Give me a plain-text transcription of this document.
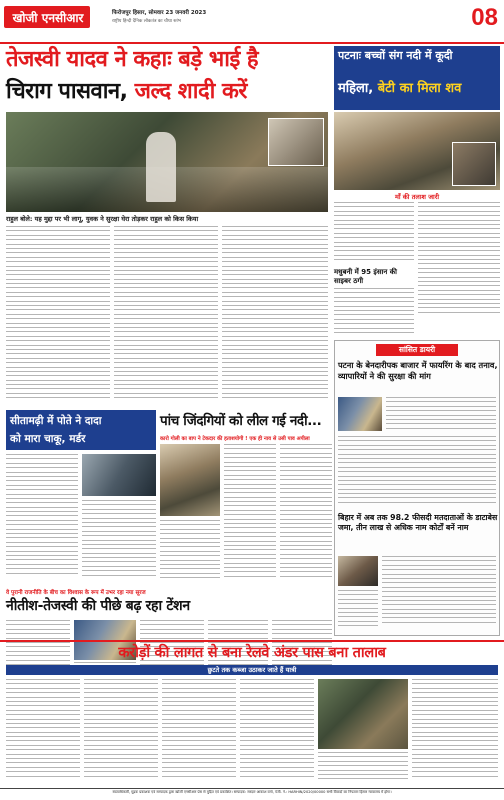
खोजी एनसीआर	फिरोजपुर हिसार, सोमवार 23 जनवरी 2023
राष्ट्रीय हिन्दी दैनिक लोकतंत्र का चौथा स्तंभ	08
तेजस्वी यादव ने कहाः बड़े भाई है
चिराग पासवान, जल्द शादी करें
राहुल बोले: यह मुद्दा पर भी लागू, युवक ने सुरक्षा घेरा तोड़कर राहुल को किस किया
पटनाः बच्चों संग नदी में कूदी
महिला, बेटी का मिला शव
माँ की तलाश जारी
मधुबनी में 95 इंसान की साइबर ठगी
सांसित डायरी
पटना के बेनदारीपक बाजार में फायरिंग के बाद तनाव, व्यापारियों ने की सुरक्षा की मांग
बिहार में अब तक 98.2 फीसदी मतदाताओं के डाटाबेस जमा, तीन लाख से अधिक नाम कोर्टों बनें नाम
सीतामढ़ी में पोते ने दादा
को मारा चाकू, मर्डर
पांच जिंदगियों को लील गई नदी...
कारो गोली का बाप ने टेकदार की हताशयोगी ! एक ही नाव से उसी पाव अपीला
वे पुरानी राजनीति के बीच का विश्वास के रूप में उभर रहा नया सूरज
नीतीश-तेजस्वी की पीछे बढ़ रहा टेंशन
करोड़ों की लागत से बना रेलवे अंडर पास बना तालाब
छुटते तक कब्जा उठाकर जाते हैं यात्री
स्वत्वाधिकारी, मुद्रक प्रकाशक एवं सम्पादक द्वारा खोजी एनसीआर प्रेस से मुद्रित एवं प्रकाशित। सम्पादक: सरदार आकाश वर्मा, पंजी. नं.: HARHIN/2020/00000 सभी विवादों का निपटारा हिसार न्यायालय में होगा।
